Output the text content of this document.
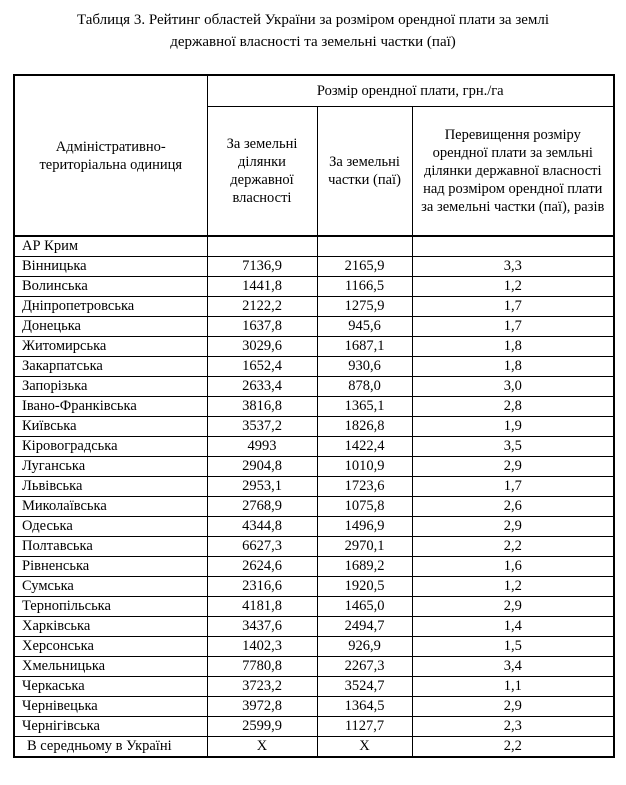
Таблиця 3. Рейтинг областей України за розміром орендної плати за землі
державної власності та земельні частки (паї)
Адміністративно-територіальна одиниця	Розмір орендної плати, грн./га		
	За земельні ділянки державної власності	За земельні частки (паї)	Перевищення розміру орендної плати за земльні ділянки державної власності над розміром орендної плати за земельні частки (паї), разів
АР Крим			
Вінницька	7136,9	2165,9	3,3
Волинська	1441,8	1166,5	1,2
Дніпропетровська	2122,2	1275,9	1,7
Донецька	1637,8	945,6	1,7
Житомирська	3029,6	1687,1	1,8
Закарпатська	1652,4	930,6	1,8
Запорізька	2633,4	878,0	3,0
Івано-Франківська	3816,8	1365,1	2,8
Київська	3537,2	1826,8	1,9
Кіровоградська	4993	1422,4	3,5
Луганська	2904,8	1010,9	2,9
Львівська	2953,1	1723,6	1,7
Миколаївська	2768,9	1075,8	2,6
Одеська	4344,8	1496,9	2,9
Полтавська	6627,3	2970,1	2,2
Рівненська	2624,6	1689,2	1,6
Сумська	2316,6	1920,5	1,2
Тернопільська	4181,8	1465,0	2,9
Харківська	3437,6	2494,7	1,4
Херсонська	1402,3	926,9	1,5
Хмельницька	7780,8	2267,3	3,4
Черкаська	3723,2	3524,7	1,1
Чернівецька	3972,8	1364,5	2,9
Чернігівська	2599,9	1127,7	2,3
В середньому в Україні	Х	Х	2,2
